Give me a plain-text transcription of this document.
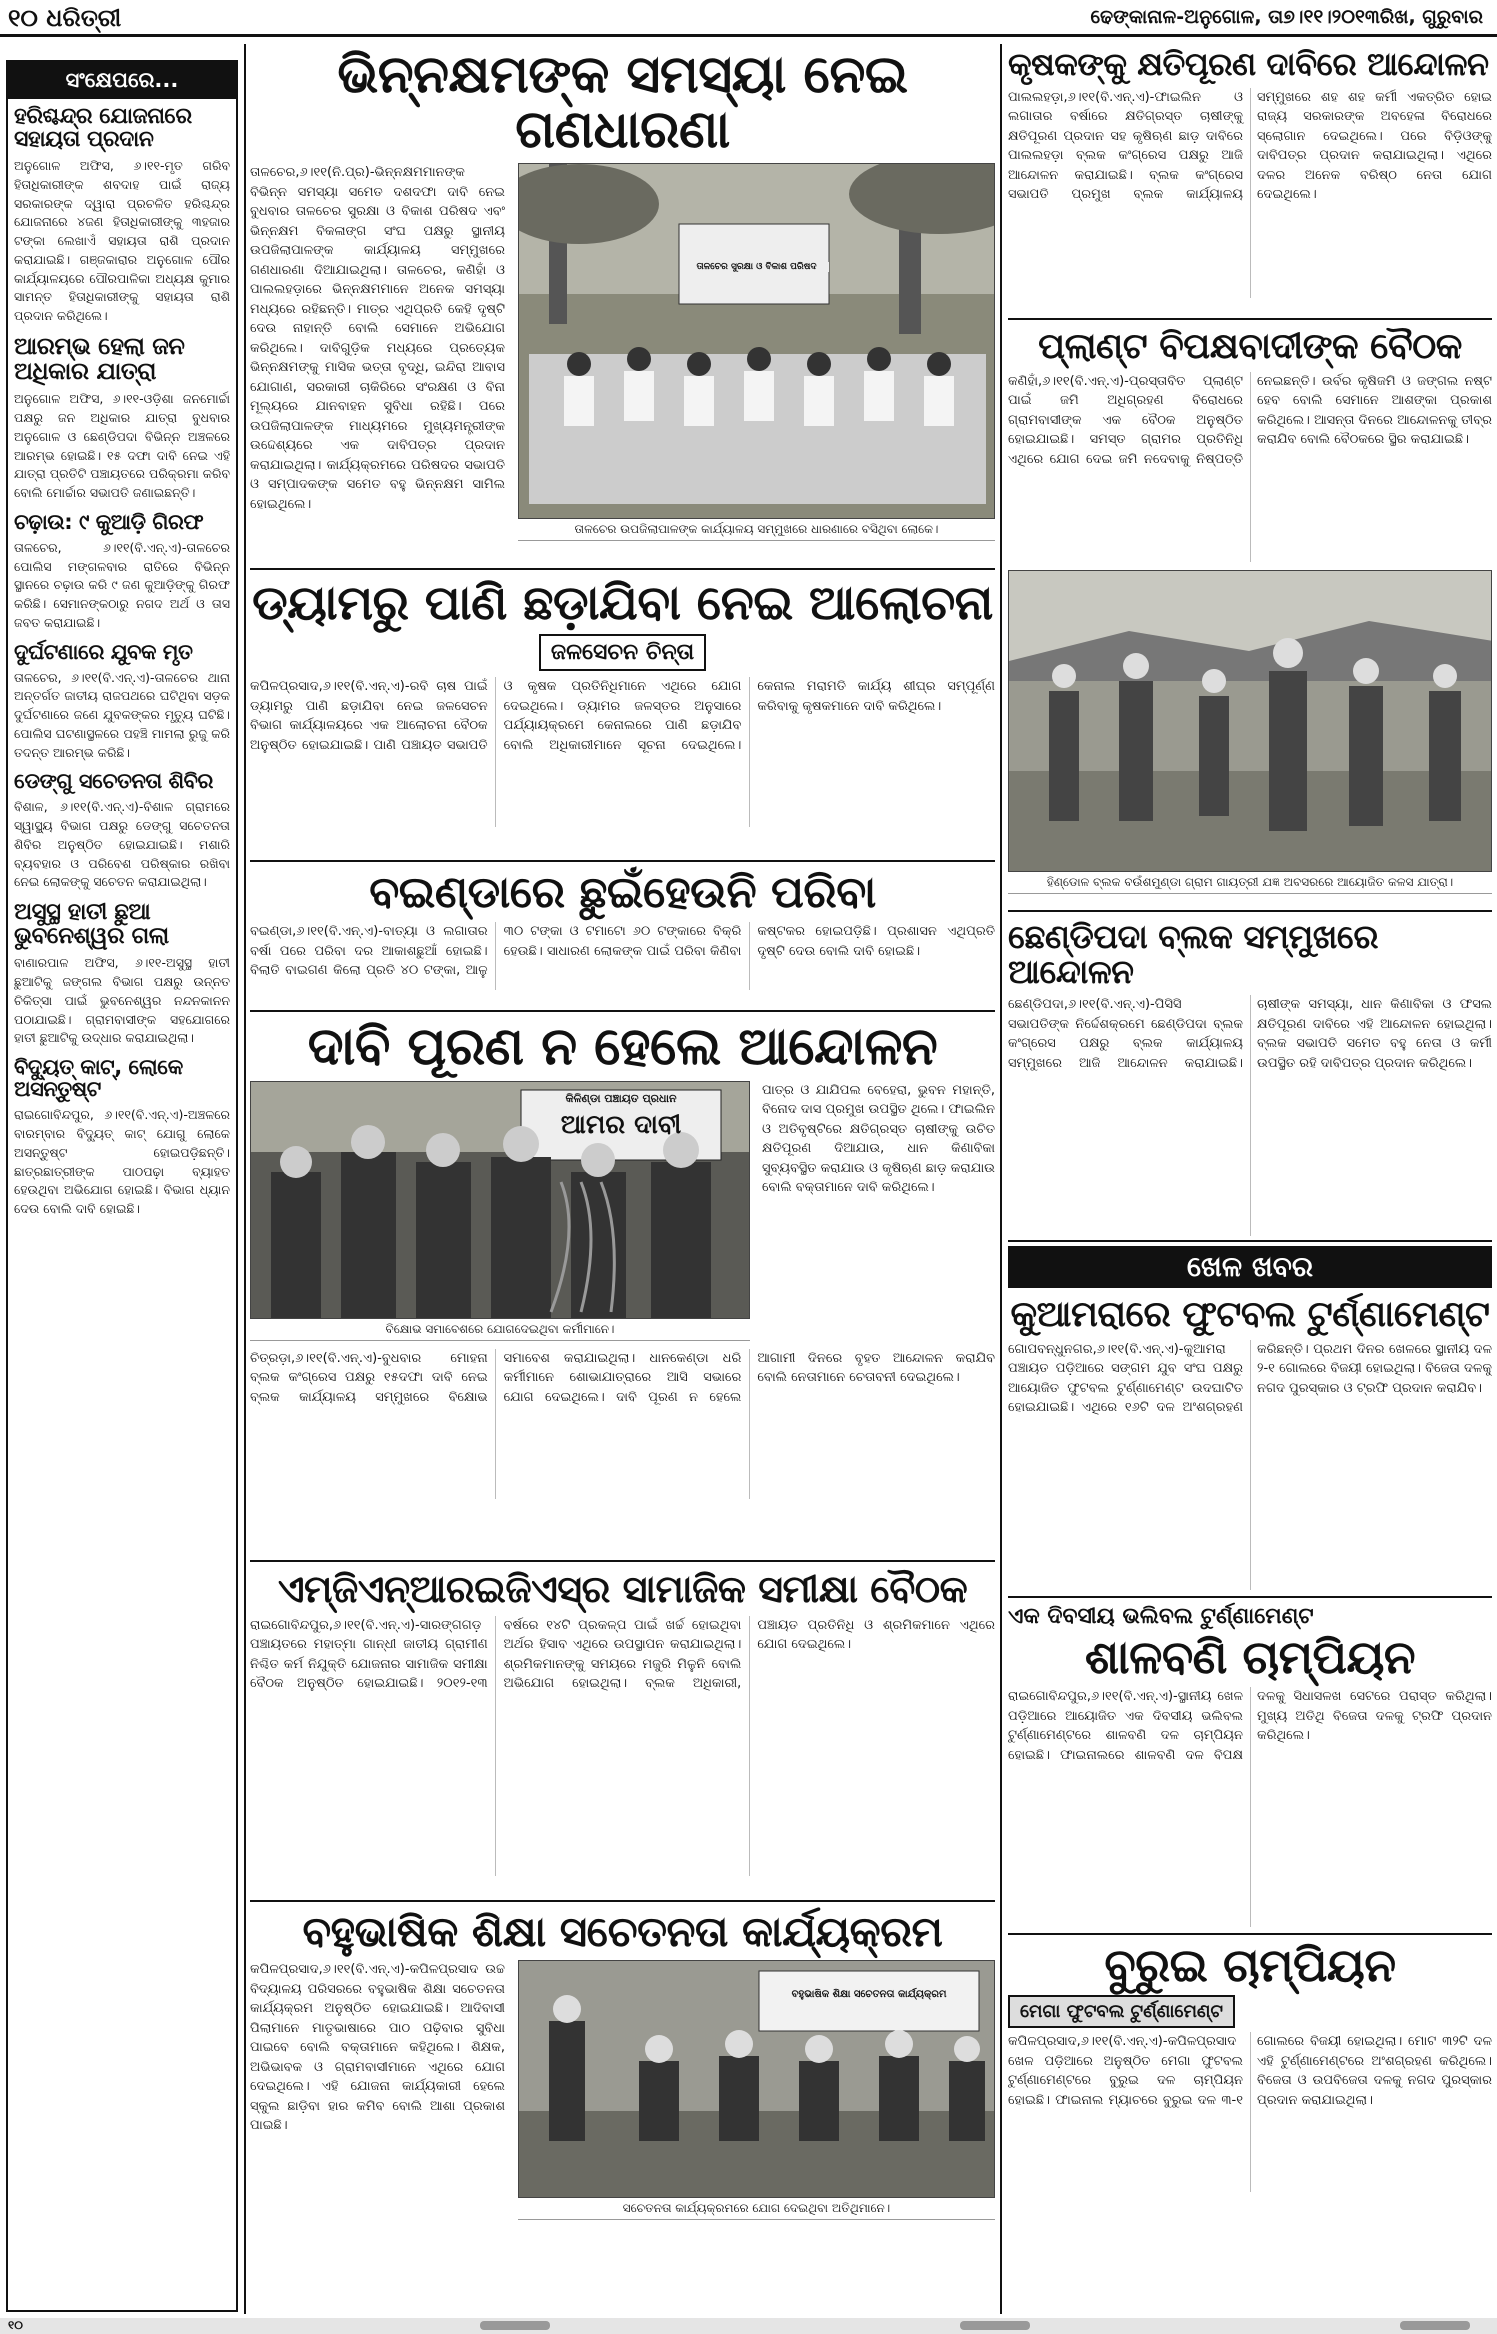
୧୦ ଧରିତ୍ରୀ	ଢେଙ୍କାନାଳ-ଅନୁଗୋଳ, ତା୭।୧୧।୨୦୧୩ରିଖ, ଗୁରୁବାର
ସଂକ୍ଷେପରେ...
ହରିଶ୍ଚନ୍ଦ୍ର ଯୋଜନାରେ ସହାୟତା ପ୍ରଦାନ
ଅନୁଗୋଳ ଅଫିସ, ୬।୧୧-ମୃତ ଗରିବ ହିତାଧିକାରୀଙ୍କ ଶବଦାହ ପାଇଁ ରାଜ୍ୟ ସରକାରଙ୍କ ଦ୍ୱାରା ପ୍ରଚଳିତ ହରିଶ୍ଚନ୍ଦ୍ର ଯୋଜନାରେ ୪ଜଣ ହିତାଧିକାରୀଙ୍କୁ ୩ହଜାର ଟଙ୍କା ଲେଖାଏଁ ସହାୟତା ରାଶି ପ୍ରଦାନ କରାଯାଇଛି। ଗଞ୍ଜକାରାର ଅନୁଗୋଳ ପୌର କାର୍ଯ୍ୟାଳୟରେ ପୌରପାଳିକା ଅଧ୍ୟକ୍ଷ କୁମାର ସାମନ୍ତ ହିତାଧିକାରୀଙ୍କୁ ସହାୟତା ରାଶି ପ୍ରଦାନ କରିଥିଲେ।
ଆରମ୍ଭ ହେଲା ଜନ ଅଧିକାର ଯାତ୍ରା
ଅନୁଗୋଳ ଅଫିସ, ୬।୧୧-ଓଡ଼ିଶା ଜନମୋର୍ଚ୍ଚା ପକ୍ଷରୁ ଜନ ଅଧିକାର ଯାତ୍ରା ବୁଧବାର ଅନୁଗୋଳ ଓ ଛେଣ୍ଡିପଦା ବିଭିନ୍ନ ଅଞ୍ଚଳରେ ଆରମ୍ଭ ହୋଇଛି। ୧୫ ଦଫା ଦାବି ନେଇ ଏହି ଯାତ୍ରା ପ୍ରତିଟି ପଞ୍ଚାୟତରେ ପରିକ୍ରମା କରିବ ବୋଲି ମୋର୍ଚ୍ଚାର ସଭାପତି ଜଣାଇଛନ୍ତି।
ଚଢ଼ାଉ: ୯ କୁଆଡ଼ି ଗିରଫ
ତାଳଚେର, ୬।୧୧(ବି.ଏନ୍.ଏ)-ତାଳଚେର ପୋଲିସ ମଙ୍ଗଳବାର ରାତିରେ ବିଭିନ୍ନ ସ୍ଥାନରେ ଚଢ଼ାଉ କରି ୯ ଜଣ କୁଆଡ଼ିଙ୍କୁ ଗିରଫ କରିଛି। ସେମାନଙ୍କଠାରୁ ନଗଦ ଅର୍ଥ ଓ ତାସ ଜବତ କରାଯାଇଛି।
ଦୁର୍ଘଟଣାରେ ଯୁବକ ମୃତ
ତାଳଚେର, ୬।୧୧(ବି.ଏନ୍.ଏ)-ତାଳଚେର ଥାନା ଅନ୍ତର୍ଗତ ଜାତୀୟ ରାଜପଥରେ ଘଟିଥିବା ସଡ଼କ ଦୁର୍ଘଟଣାରେ ଜଣେ ଯୁବକଙ୍କର ମୃତ୍ୟୁ ଘଟିଛି। ପୋଲିସ ଘଟଣାସ୍ଥଳରେ ପହଞ୍ଚି ମାମଲା ରୁଜୁ କରି ତଦନ୍ତ ଆରମ୍ଭ କରିଛି।
ଡେଙ୍ଗୁ ସଚେତନତା ଶିବିର
ବିଶାଳ, ୬।୧୧(ବି.ଏନ୍.ଏ)-ବିଶାଳ ଗ୍ରାମରେ ସ୍ୱାସ୍ଥ୍ୟ ବିଭାଗ ପକ୍ଷରୁ ଡେଙ୍ଗୁ ସଚେତନତା ଶିବିର ଅନୁଷ୍ଠିତ ହୋଇଯାଇଛି। ମଶାରି ବ୍ୟବହାର ଓ ପରିବେଶ ପରିଷ୍କାର ରଖିବା ନେଇ ଲୋକଙ୍କୁ ସଚେତନ କରାଯାଇଥିଲା।
ଅସୁସ୍ଥ ହାତୀ ଛୁଆ ଭୁବନେଶ୍ୱର ଗଲା
ବାଣାରପାଳ ଅଫିସ, ୬।୧୧-ଅସୁସ୍ଥ ହାତୀ ଛୁଆଟିକୁ ଜଙ୍ଗଲ ବିଭାଗ ପକ୍ଷରୁ ଉନ୍ନତ ଚିକିତ୍ସା ପାଇଁ ଭୁବନେଶ୍ୱର ନନ୍ଦନକାନନ ପଠାଯାଇଛି। ଗ୍ରାମବାସୀଙ୍କ ସହଯୋଗରେ ହାତୀ ଛୁଆଟିକୁ ଉଦ୍ଧାର କରାଯାଇଥିଲା।
ବିଦ୍ୟୁତ୍ କାଟ୍, ଲୋକେ ଅସନ୍ତୁଷ୍ଟ
ରାଇଗୋବିନ୍ଦପୁର, ୬।୧୧(ବି.ଏନ୍.ଏ)-ଅଞ୍ଚଳରେ ବାରମ୍ବାର ବିଦ୍ୟୁତ୍ କାଟ୍ ଯୋଗୁ ଲୋକେ ଅସନ୍ତୁଷ୍ଟ ହୋଇପଡ଼ିଛନ୍ତି। ଛାତ୍ରଛାତ୍ରୀଙ୍କ ପାଠପଢ଼ା ବ୍ୟାହତ ହେଉଥିବା ଅଭିଯୋଗ ହୋଇଛି। ବିଭାଗ ଧ୍ୟାନ ଦେଉ ବୋଲି ଦାବି ହୋଇଛି।
ଭିନ୍ନକ୍ଷମଙ୍କ ସମସ୍ୟା ନେଇ ଗଣଧାରଣା
ତାଳଚେର,୬।୧୧(ନି.ପ୍ର)-ଭିନ୍ନକ୍ଷମମାନଙ୍କ ବିଭିନ୍ନ ସମସ୍ୟା ସମେତ ଦଶଦଫା ଦାବି ନେଇ ବୁଧବାର ତାଳଚେର ସୁରକ୍ଷା ଓ ବିକାଶ ପରିଷଦ ଏବଂ ଭିନ୍ନକ୍ଷମ ବିକଳାଙ୍ଗ ସଂଘ ପକ୍ଷରୁ ସ୍ଥାନୀୟ ଉପଜିଲାପାଳଙ୍କ କାର୍ଯ୍ୟାଳୟ ସମ୍ମୁଖରେ ଗଣଧାରଣା ଦିଆଯାଇଥିଲା। ତାଳଚେର, କଣିହାଁ ଓ ପାଲଲହଡ଼ାରେ ଭିନ୍ନକ୍ଷମମାନେ ଅନେକ ସମସ୍ୟା ମଧ୍ୟରେ ରହିଛନ୍ତି। ମାତ୍ର ଏଥିପ୍ରତି କେହି ଦୃଷ୍ଟି ଦେଉ ନାହାନ୍ତି ବୋଲି ସେମାନେ ଅଭିଯୋଗ କରିଥିଲେ। ଦାବିଗୁଡ଼ିକ ମଧ୍ୟରେ ପ୍ରତ୍ୟେକ ଭିନ୍ନକ୍ଷମଙ୍କୁ ମାସିକ ଭତ୍ତା ବୃଦ୍ଧି, ଇନ୍ଦିରା ଆବାସ ଯୋଗାଣ, ସରକାରୀ ଚାକିରିରେ ସଂରକ୍ଷଣ ଓ ବିନା ମୂଲ୍ୟରେ ଯାନବାହନ ସୁବିଧା ରହିଛି। ପରେ ଉପଜିଲାପାଳଙ୍କ ମାଧ୍ୟମରେ ମୁଖ୍ୟମନ୍ତ୍ରୀଙ୍କ ଉଦ୍ଦେଶ୍ୟରେ ଏକ ଦାବିପତ୍ର ପ୍ରଦାନ କରାଯାଇଥିଲା। କାର୍ଯ୍ୟକ୍ରମରେ ପରିଷଦର ସଭାପତି ଓ ସମ୍ପାଦକଙ୍କ ସମେତ ବହୁ ଭିନ୍ନକ୍ଷମ ସାମିଲ ହୋଇଥିଲେ।
ତାଳଚେର ସୁରକ୍ଷା ଓ ବିକାଶ ପରିଷଦ
ତାଳଚେର ଉପଜିଲାପାଳଙ୍କ କାର୍ଯ୍ୟାଳୟ ସମ୍ମୁଖରେ ଧାରଣାରେ ବସିଥିବା ଲୋକେ।
କୃଷକଙ୍କୁ କ୍ଷତିପୂରଣ ଦାବିରେ ଆନ୍ଦୋଳନ
ପାଲଲହଡ଼ା,୬।୧୧(ବି.ଏନ୍.ଏ)-ଫାଇଲିନ ଓ ଲଗାତାର ବର୍ଷାରେ କ୍ଷତିଗ୍ରସ୍ତ ଚାଷୀଙ୍କୁ କ୍ଷତିପୂରଣ ପ୍ରଦାନ ସହ କୃଷିଋଣ ଛାଡ଼ ଦାବିରେ ପାଲଲହଡ଼ା ବ୍ଲକ କଂଗ୍ରେସ ପକ୍ଷରୁ ଆଜି ଆନ୍ଦୋଳନ କରାଯାଇଛି। ବ୍ଲକ କଂଗ୍ରେସ ସଭାପତି ପ୍ରମୁଖ ବ୍ଲକ କାର୍ଯ୍ୟାଳୟ ସମ୍ମୁଖରେ ଶହ ଶହ କର୍ମୀ ଏକତ୍ରିତ ହୋଇ ରାଜ୍ୟ ସରକାରଙ୍କ ଅବହେଳା ବିରୋଧରେ ସ୍ଲୋଗାନ ଦେଇଥିଲେ। ପରେ ବିଡ଼ିଓଙ୍କୁ ଦାବିପତ୍ର ପ୍ରଦାନ କରାଯାଇଥିଲା। ଏଥିରେ ଦଳର ଅନେକ ବରିଷ୍ଠ ନେତା ଯୋଗ ଦେଇଥିଲେ।
ପ୍ଲାଣ୍ଟ ବିପକ୍ଷବାଦୀଙ୍କ ବୈଠକ
କଣିହାଁ,୬।୧୧(ବି.ଏନ୍.ଏ)-ପ୍ରସ୍ତାବିତ ପ୍ଲାଣ୍ଟ ପାଇଁ ଜମି ଅଧିଗ୍ରହଣ ବିରୋଧରେ ଗ୍ରାମବାସୀଙ୍କ ଏକ ବୈଠକ ଅନୁଷ୍ଠିତ ହୋଇଯାଇଛି। ସମସ୍ତ ଗ୍ରାମର ପ୍ରତିନିଧି ଏଥିରେ ଯୋଗ ଦେଇ ଜମି ନଦେବାକୁ ନିଷ୍ପତ୍ତି ନେଇଛନ୍ତି। ଉର୍ବର କୃଷିଜମି ଓ ଜଙ୍ଗଲ ନଷ୍ଟ ହେବ ବୋଲି ସେମାନେ ଆଶଙ୍କା ପ୍ରକାଶ କରିଥିଲେ। ଆସନ୍ତା ଦିନରେ ଆନ୍ଦୋଳନକୁ ତୀବ୍ର କରାଯିବ ବୋଲି ବୈଠକରେ ସ୍ଥିର କରାଯାଇଛି।
ହିଣ୍ଡୋଳ ବ୍ଲକ ବଉଁଶମୁଣ୍ଡା ଗ୍ରାମ ଗାୟତ୍ରୀ ଯଜ୍ଞ ଅବସରରେ ଆୟୋଜିତ କଳସ ଯାତ୍ରା।
ଡ୍ୟାମରୁ ପାଣି ଛଡ଼ାଯିବା ନେଇ ଆଲୋଚନା
ଜଳସେଚନ ଚିନ୍ତା
କପିଳପ୍ରସାଦ,୬।୧୧(ବି.ଏନ୍.ଏ)-ରବି ଚାଷ ପାଇଁ ଡ୍ୟାମରୁ ପାଣି ଛଡ଼ାଯିବା ନେଇ ଜଳସେଚନ ବିଭାଗ କାର୍ଯ୍ୟାଳୟରେ ଏକ ଆଲୋଚନା ବୈଠକ ଅନୁଷ୍ଠିତ ହୋଇଯାଇଛି। ପାଣି ପଞ୍ଚାୟତ ସଭାପତି ଓ କୃଷକ ପ୍ରତିନିଧିମାନେ ଏଥିରେ ଯୋଗ ଦେଇଥିଲେ। ଡ୍ୟାମର ଜଳସ୍ତର ଅନୁସାରେ ପର୍ଯ୍ୟାୟକ୍ରମେ କେନାଲରେ ପାଣି ଛଡ଼ାଯିବ ବୋଲି ଅଧିକାରୀମାନେ ସୂଚନା ଦେଇଥିଲେ। କେନାଲ ମରାମତି କାର୍ଯ୍ୟ ଶୀଘ୍ର ସମ୍ପୂର୍ଣ୍ଣ କରିବାକୁ କୃଷକମାନେ ଦାବି କରିଥିଲେ।
ବଇଣ୍ଡାରେ ଛୁଇଁହେଉନି ପରିବା
ବଇଣ୍ଡା,୬।୧୧(ବି.ଏନ୍.ଏ)-ବାତ୍ୟା ଓ ଲଗାତାର ବର୍ଷା ପରେ ପରିବା ଦର ଆକାଶଛୁଆଁ ହୋଇଛି। ବିଲାତି ବାଇଗଣ କିଲୋ ପ୍ରତି ୪୦ ଟଙ୍କା, ଆଳୁ ୩୦ ଟଙ୍କା ଓ ଟମାଟୋ ୬୦ ଟଙ୍କାରେ ବିକ୍ରି ହେଉଛି। ସାଧାରଣ ଲୋକଙ୍କ ପାଇଁ ପରିବା କିଣିବା କଷ୍ଟକର ହୋଇପଡ଼ିଛି। ପ୍ରଶାସନ ଏଥିପ୍ରତି ଦୃଷ୍ଟି ଦେଉ ବୋଲି ଦାବି ହୋଇଛି।	ଛେଣ୍ଡିପଦା ବ୍ଲକ ସମ୍ମୁଖରେ ଆନ୍ଦୋଳନ
ଛେଣ୍ଡିପଦା,୬।୧୧(ବି.ଏନ୍.ଏ)-ପିସିସି ସଭାପତିଙ୍କ ନିର୍ଦ୍ଦେଶକ୍ରମେ ଛେଣ୍ଡିପଦା ବ୍ଲକ କଂଗ୍ରେସ ପକ୍ଷରୁ ବ୍ଲକ କାର୍ଯ୍ୟାଳୟ ସମ୍ମୁଖରେ ଆଜି ଆନ୍ଦୋଳନ କରାଯାଇଛି। ଚାଷୀଙ୍କ ସମସ୍ୟା, ଧାନ କିଣାବିକା ଓ ଫସଲ କ୍ଷତିପୂରଣ ଦାବିରେ ଏହି ଆନ୍ଦୋଳନ ହୋଇଥିଲା। ବ୍ଲକ ସଭାପତି ସମେତ ବହୁ ନେତା ଓ କର୍ମୀ ଉପସ୍ଥିତ ରହି ଦାବିପତ୍ର ପ୍ରଦାନ କରିଥିଲେ।
ଦାବି ପୂରଣ ନ ହେଲେ ଆନ୍ଦୋଳନ
କିଳିଣ୍ଡା ପଞ୍ଚାୟତ ପ୍ରଧାନ
ଆମର ଦାବୀ
ବିକ୍ଷୋଭ ସମାବେଶରେ ଯୋଗଦେଇଥିବା କର୍ମୀମାନେ।
ପାତ୍ର ଓ ଯାଯିପଲ ବେହେରା, ଭୁବନ ମହାନ୍ତି, ବିନୋଦ ଦାସ ପ୍ରମୁଖ ଉପସ୍ଥିତ ଥିଲେ। ଫାଇଲିନ ଓ ଅତିବୃଷ୍ଟିରେ କ୍ଷତିଗ୍ରସ୍ତ ଚାଷୀଙ୍କୁ ଉଚିତ କ୍ଷତିପୂରଣ ଦିଆଯାଉ, ଧାନ କିଣାବିକା ସୁବ୍ୟବସ୍ଥିତ କରାଯାଉ ଓ କୃଷିଋଣ ଛାଡ଼ କରାଯାଉ ବୋଲି ବକ୍ତାମାନେ ଦାବି କରିଥିଲେ।
ଚିତ୍ରଡ଼ା,୬।୧୧(ବି.ଏନ୍.ଏ)-ବୁଧବାର ମୋହନା ବ୍ଲକ କଂଗ୍ରେସ ପକ୍ଷରୁ ୧୫ଦଫା ଦାବି ନେଇ ବ୍ଲକ କାର୍ଯ୍ୟାଳୟ ସମ୍ମୁଖରେ ବିକ୍ଷୋଭ ସମାବେଶ କରାଯାଇଥିଲା। ଧାନକେଣ୍ଡା ଧରି କର୍ମୀମାନେ ଶୋଭାଯାତ୍ରାରେ ଆସି ସଭାରେ ଯୋଗ ଦେଇଥିଲେ। ଦାବି ପୂରଣ ନ ହେଲେ ଆଗାମୀ ଦିନରେ ବୃହତ ଆନ୍ଦୋଳନ କରାଯିବ ବୋଲି ନେତାମାନେ ଚେତାବନୀ ଦେଇଥିଲେ।
ଏମ୍‌ଜିଏନ୍‌ଆରଇଜିଏସ୍‌ର ସାମାଜିକ ସମୀକ୍ଷା ବୈଠକ
ରାଇଗୋବିନ୍ଦପୁର,୬।୧୧(ବି.ଏନ୍.ଏ)-ସାରଙ୍ଗଗଡ଼ ପଞ୍ଚାୟତରେ ମହାତ୍ମା ଗାନ୍ଧୀ ଜାତୀୟ ଗ୍ରାମୀଣ ନିଶ୍ଚିତ କର୍ମ ନିଯୁକ୍ତି ଯୋଜନାର ସାମାଜିକ ସମୀକ୍ଷା ବୈଠକ ଅନୁଷ୍ଠିତ ହୋଇଯାଇଛି। ୨୦୧୨-୧୩ ବର୍ଷରେ ୧୪ଟି ପ୍ରକଳ୍ପ ପାଇଁ ଖର୍ଚ୍ଚ ହୋଇଥିବା ଅର୍ଥର ହିସାବ ଏଥିରେ ଉପସ୍ଥାପନ କରାଯାଇଥିଲା। ଶ୍ରମିକମାନଙ୍କୁ ସମୟରେ ମଜୁରି ମିଳୁନି ବୋଲି ଅଭିଯୋଗ ହୋଇଥିଲା। ବ୍ଲକ ଅଧିକାରୀ, ପଞ୍ଚାୟତ ପ୍ରତିନିଧି ଓ ଶ୍ରମିକମାନେ ଏଥିରେ ଯୋଗ ଦେଇଥିଲେ।
ବହୁଭାଷିକ ଶିକ୍ଷା ସଚେତନତା କାର୍ଯ୍ୟକ୍ରମ
କପିଳପ୍ରସାଦ,୬।୧୧(ବି.ଏନ୍.ଏ)-କପିଳପ୍ରସାଦ ଉଚ୍ଚ ବିଦ୍ୟାଳୟ ପରିସରରେ ବହୁଭାଷିକ ଶିକ୍ଷା ସଚେତନତା କାର୍ଯ୍ୟକ୍ରମ ଅନୁଷ୍ଠିତ ହୋଇଯାଇଛି। ଆଦିବାସୀ ପିଲାମାନେ ମାତୃଭାଷାରେ ପାଠ ପଢ଼ିବାର ସୁବିଧା ପାଇବେ ବୋଲି ବକ୍ତାମାନେ କହିଥିଲେ। ଶିକ୍ଷକ, ଅଭିଭାବକ ଓ ଗ୍ରାମବାସୀମାନେ ଏଥିରେ ଯୋଗ ଦେଇଥିଲେ। ଏହି ଯୋଜନା କାର୍ଯ୍ୟକାରୀ ହେଲେ ସ୍କୁଲ ଛାଡ଼ିବା ହାର କମିବ ବୋଲି ଆଶା ପ୍ରକାଶ ପାଇଛି।
ବହୁଭାଷିକ ଶିକ୍ଷା ସଚେତନତା କାର୍ଯ୍ୟକ୍ରମ
ସଚେତନତା କାର୍ଯ୍ୟକ୍ରମରେ ଯୋଗ ଦେଇଥିବା ଅତିଥିମାନେ।
ଖେଳ ଖବର
କୁଆମରାରେ ଫୁଟବଲ ଟୁର୍ଣ୍ଣାମେଣ୍ଟ
ଗୋପବନ୍ଧୁନଗର,୬।୧୧(ବି.ଏନ୍.ଏ)-କୁଆମରା ପଞ୍ଚାୟତ ପଡ଼ିଆରେ ସଙ୍ଗମ ଯୁବ ସଂଘ ପକ୍ଷରୁ ଆୟୋଜିତ ଫୁଟବଲ ଟୁର୍ଣ୍ଣାମେଣ୍ଟ ଉଦଘାଟିତ ହୋଇଯାଇଛି। ଏଥିରେ ୧୬ଟି ଦଳ ଅଂଶଗ୍ରହଣ କରିଛନ୍ତି। ପ୍ରଥମ ଦିନର ଖେଳରେ ସ୍ଥାନୀୟ ଦଳ ୨-୧ ଗୋଲରେ ବିଜୟୀ ହୋଇଥିଲା। ବିଜେତା ଦଳକୁ ନଗଦ ପୁରସ୍କାର ଓ ଟ୍ରଫି ପ୍ରଦାନ କରାଯିବ।
ଏକ ଦିବସୀୟ ଭଲିବଲ ଟୁର୍ଣ୍ଣାମେଣ୍ଟ
ଶାଳବଣି ଚାମ୍ପିୟନ
ରାଇଗୋବିନ୍ଦପୁର,୬।୧୧(ବି.ଏନ୍.ଏ)-ସ୍ଥାନୀୟ ଖେଳ ପଡ଼ିଆରେ ଆୟୋଜିତ ଏକ ଦିବସୀୟ ଭଲିବଲ ଟୁର୍ଣ୍ଣାମେଣ୍ଟରେ ଶାଳବଣି ଦଳ ଚାମ୍ପିୟନ ହୋଇଛି। ଫାଇନାଲରେ ଶାଳବଣି ଦଳ ବିପକ୍ଷ ଦଳକୁ ସିଧାସଳଖ ସେଟରେ ପରାସ୍ତ କରିଥିଲା। ମୁଖ୍ୟ ଅତିଥି ବିଜେତା ଦଳକୁ ଟ୍ରଫି ପ୍ରଦାନ କରିଥିଲେ।
ବୁରୁଇ ଚାମ୍ପିୟନ
ମେଗା ଫୁଟବଲ ଟୁର୍ଣ୍ଣାମେଣ୍ଟ
କପିଳପ୍ରସାଦ,୬।୧୧(ବି.ଏନ୍.ଏ)-କପିଳପ୍ରସାଦ ଖେଳ ପଡ଼ିଆରେ ଅନୁଷ୍ଠିତ ମେଗା ଫୁଟବଲ ଟୁର୍ଣ୍ଣାମେଣ୍ଟରେ ବୁରୁଇ ଦଳ ଚାମ୍ପିୟନ ହୋଇଛି। ଫାଇନାଲ ମ୍ୟାଚରେ ବୁରୁଇ ଦଳ ୩-୧ ଗୋଲରେ ବିଜୟୀ ହୋଇଥିଲା। ମୋଟ ୩୨ଟି ଦଳ ଏହି ଟୁର୍ଣ୍ଣାମେଣ୍ଟରେ ଅଂଶଗ୍ରହଣ କରିଥିଲେ। ବିଜେତା ଓ ଉପବିଜେତା ଦଳକୁ ନଗଦ ପୁରସ୍କାର ପ୍ରଦାନ କରାଯାଇଥିଲା।
୧୦
